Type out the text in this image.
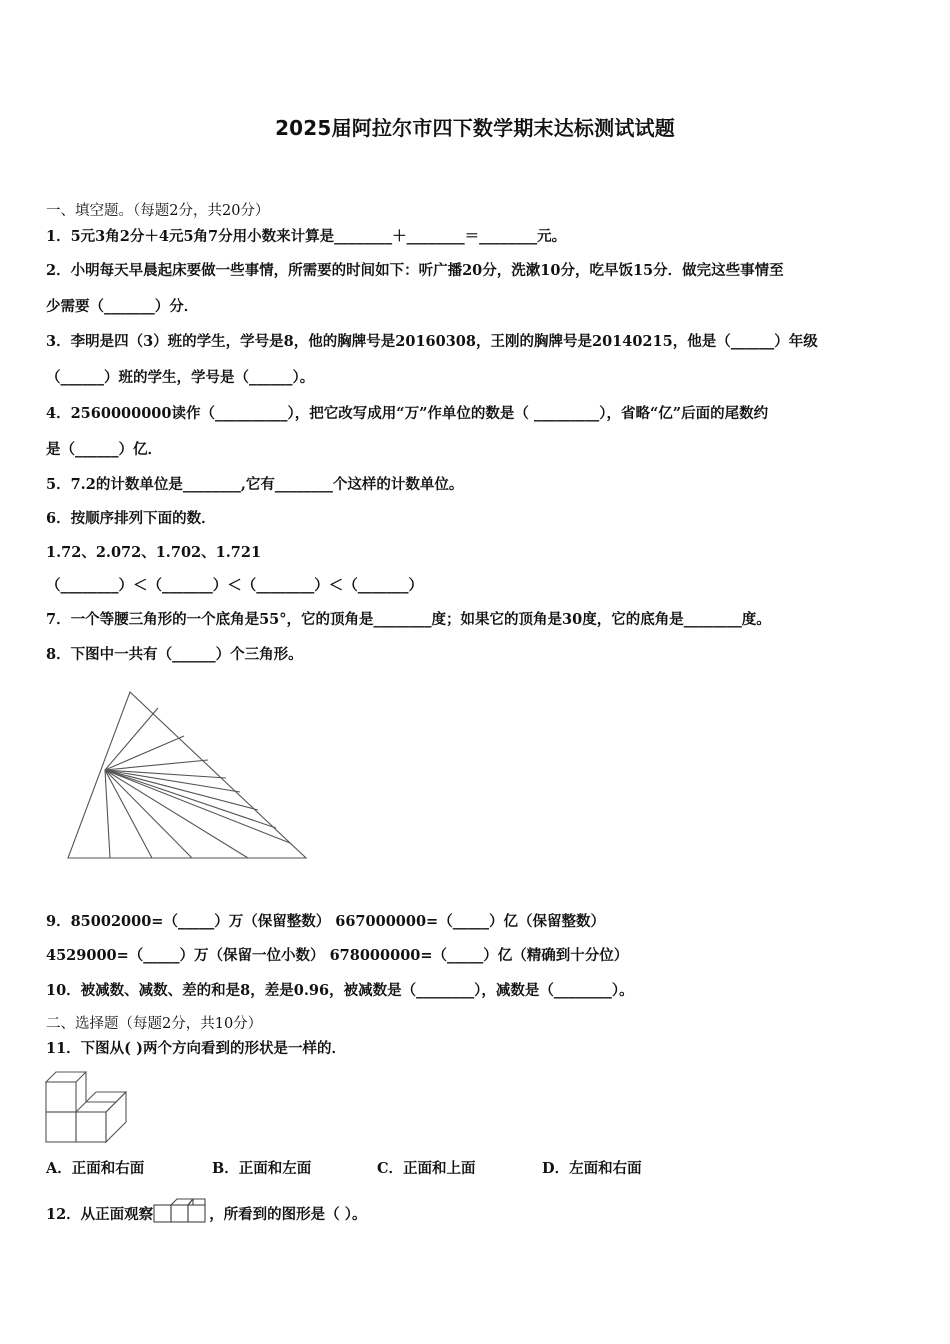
2025届阿拉尔市四下数学期末达标测试试题
一、填空题。（每题2分，共20分）
1．5元3角2分＋4元5角7分用小数来计算是________＋________＝________元。
2．小明每天早晨起床要做一些事情，所需要的时间如下：听广播20分，洗漱10分，吃早饭15分．做完这些事情至
少需要（_______）分．
3．李明是四（3）班的学生，学号是8，他的胸牌号是20160308，王刚的胸牌号是20140215，他是（______）年级
（______）班的学生，学号是（______）。
4．2560000000读作（__________），把它改写成用“万”作单位的数是（ _________），省略“亿”后面的尾数约
是（______）亿．
5．7.2的计数单位是________,它有________个这样的计数单位。
6．按顺序排列下面的数．
1.72、2.072、1.702、1.721
（________）＜（_______）＜（________）＜（_______）
7．一个等腰三角形的一个底角是55°，它的顶角是________度；如果它的顶角是30度，它的底角是________度。
8．下图中一共有（______）个三角形。
9．85002000=（_____）万（保留整数） 667000000=（_____）亿（保留整数）
4529000=（_____）万（保留一位小数） 678000000=（_____）亿（精确到十分位）
10．被减数、减数、差的和是8，差是0.96，被减数是（________），减数是（________）。
二、选择题（每题2分，共10分）
11．下图从( )两个方向看到的形状是一样的．
A．正面和右面	B．正面和左面	C．正面和上面	D．左面和右面
12．从正面观察	，所看到的图形是（ ）。
